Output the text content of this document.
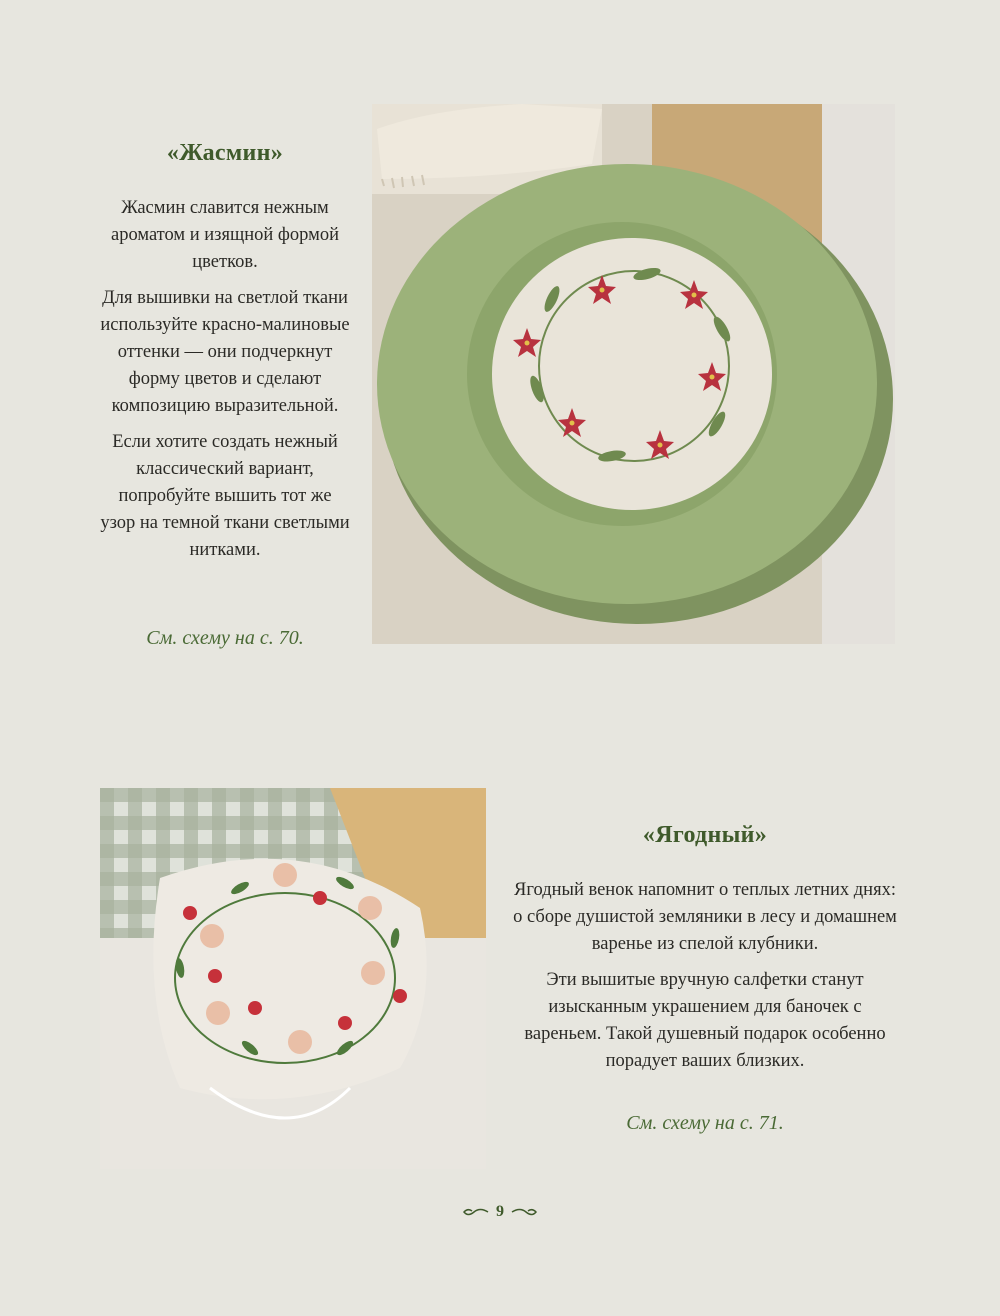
«Жасмин»

Жасмин славится нежным ароматом и изящной формой цветков.

Для вышивки на светлой ткани используйте красно-малиновые оттенки — они подчеркнут форму цветов и сделают композицию выразительной.

Если хотите создать нежный классический вариант, попробуйте вышить тот же узор на темной ткани светлыми нитками.

См. схему на с. 70.
«Ягодный»

Ягодный венок напомнит о теплых летних днях: о сборе душистой земляники в лесу и домашнем варенье из спелой клубники.

Эти вышитые вручную салфетки станут изысканным украшением для баночек с вареньем. Такой душевный подарок особенно порадует ваших близких.

См. схему на с. 71.
9
